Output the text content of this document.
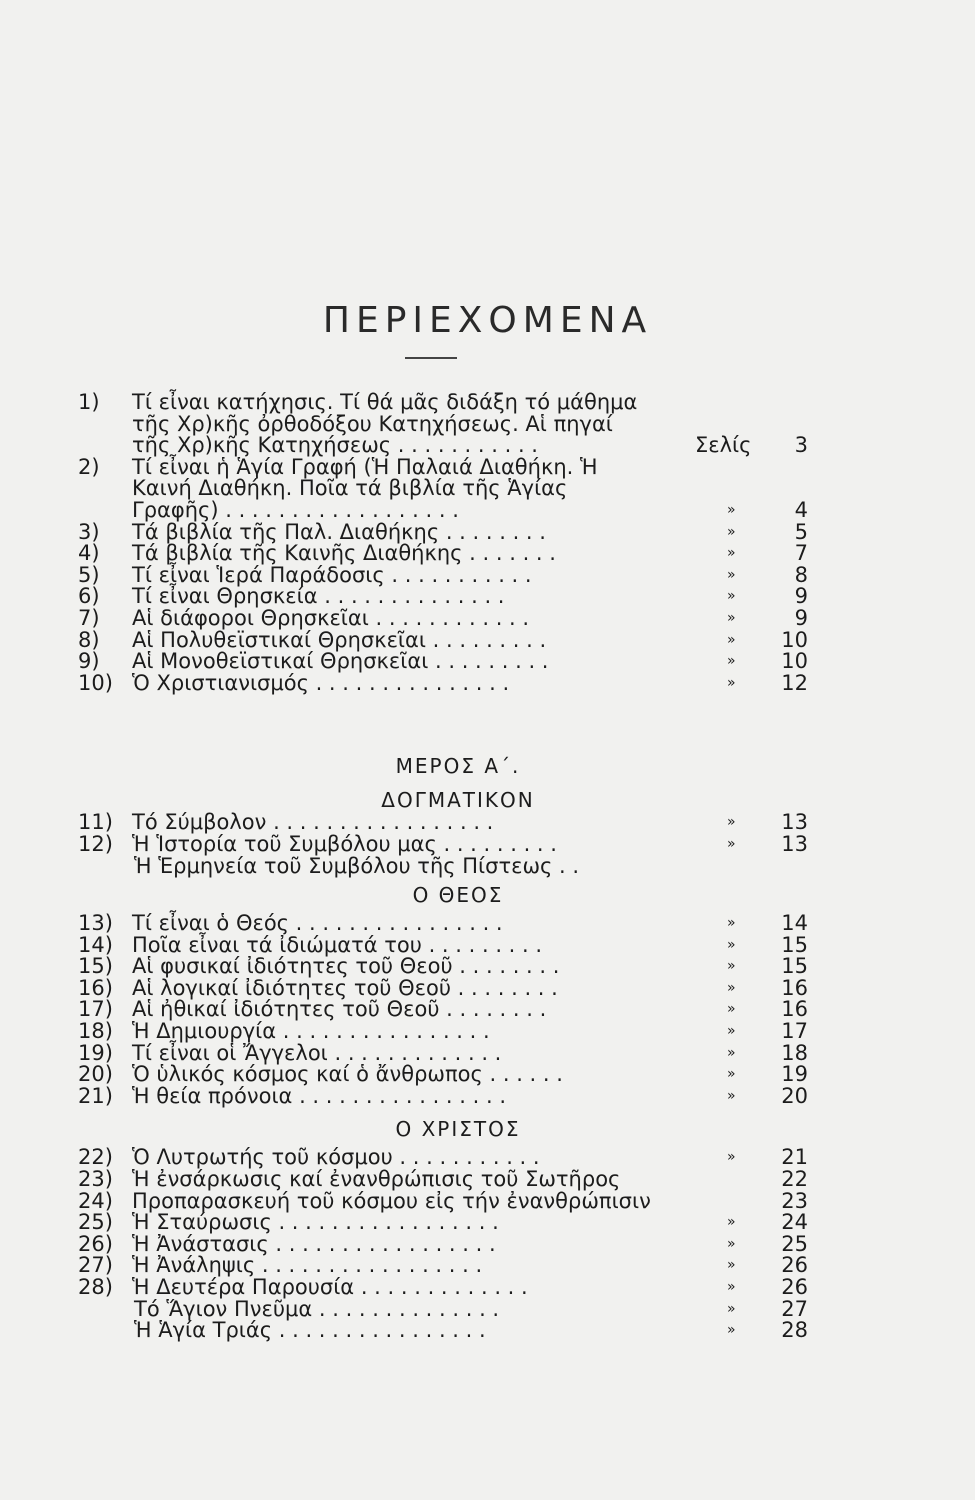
ΠΕΡΙΕΧΟΜΕΝΑ
1)	Τί εἶναι κατήχησις. Τί θά μᾶς διδάξη τό μάθημα
τῆς Χρ)κῆς ὀρθοδόξου Κατηχήσεως. Αἱ πηγαί
τῆς Χρ)κῆς Κατηχήσεως . . . . . . . . . . .	Σελίς	3
2)	Τί εἶναι ἡ Ἁγία Γραφή (Ἡ Παλαιά Διαθήκη. Ἡ
Καινή Διαθήκη. Ποῖα τά βιβλία τῆς Ἁγίας
Γραφῆς) . . . . . . . . . . . . . . . . . .	»	4
3)	Τά βιβλία τῆς Παλ. Διαθήκης . . . . . . . .	»	5
4)	Τά βιβλία τῆς Καινῆς Διαθήκης . . . . . . .	»	7
5)	Τί εἶναι Ἱερά Παράδοσις . . . . . . . . . . .	»	8
6)	Τί εἶναι Θρησκεία . . . . . . . . . . . . . .	»	9
7)	Αἱ διάφοροι Θρησκεῖαι . . . . . . . . . . . .	»	9
8)	Αἱ Πολυθεϊστικαί Θρησκεῖαι . . . . . . . . .	»	10
9)	Αἱ Μονοθεϊστικαί Θρησκεῖαι . . . . . . . . .	»	10
10) Ὁ Χριστιανισμός . . . . . . . . . . . . . . .	»	12
ΜΕΡΟΣ Α΄.
ΔΟΓΜΑΤΙΚΟΝ
11) Τό Σύμβολον . . . . . . . . . . . . . . . . .	»	13
12) Ἡ Ἱστορία τοῦ Συμβόλου μας . . . . . . . . .	»	13
Ἡ Ἑρμηνεία τοῦ Συμβόλου τῆς Πίστεως . .
Ο ΘΕΟΣ
13) Τί εἶναι ὁ Θεός . . . . . . . . . . . . . . . .	»	14
14) Ποῖα εἶναι τά ἰδιώματά του . . . . . . . . .	»	15
15) Αἱ φυσικαί ἰδιότητες τοῦ Θεοῦ . . . . . . . .	»	15
16) Αἱ λογικαί ἰδιότητες τοῦ Θεοῦ . . . . . . . .	»	16
17) Αἱ ἠθικαί ἰδιότητες τοῦ Θεοῦ . . . . . . . .	»	16
18) Ἡ Δημιουργία . . . . . . . . . . . . . . . .	»	17
19) Τί εἶναι οἱ Ἄγγελοι . . . . . . . . . . . . .	»	18
20) Ὁ ὑλικός κόσμος καί ὁ ἄνθρωπος . . . . . .	»	19
21) Ἡ θεία πρόνοια . . . . . . . . . . . . . . . .	»	20
Ο ΧΡΙΣΤΟΣ
22) Ὁ Λυτρωτής τοῦ κόσμου . . . . . . . . . . .	»	21
23) Ἡ ἐνσάρκωσις καί ἐνανθρώπισις τοῦ Σωτῆρος	22
24) Προπαρασκευή τοῦ κόσμου εἰς τήν ἐνανθρώπισιν	23
25) Ἡ Σταύρωσις . . . . . . . . . . . . . . . . .	»	24
26) Ἡ Ἀνάστασις . . . . . . . . . . . . . . . . .	»	25
27) Ἡ Ἀνάληψις . . . . . . . . . . . . . . . . .	»	26
28) Ἡ Δευτέρα Παρουσία . . . . . . . . . . . . .	»	26
Τό Ἅγιον Πνεῦμα . . . . . . . . . . . . . .	»	27
Ἡ Ἁγία Τριάς . . . . . . . . . . . . . . . .	»	28
